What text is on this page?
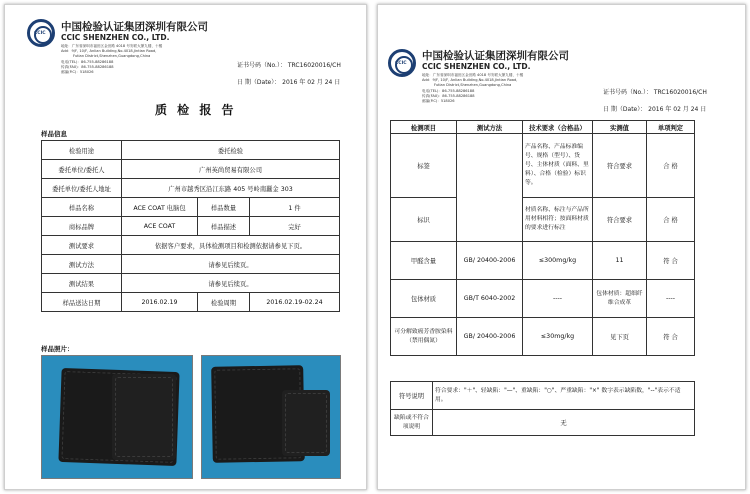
CCIC
中国检验认证集团深圳有限公司
CCIC SHENZHEN CO., LTD.
地址：广东省深圳市福田区金田路 4018 号安联大厦九楼、十楼
Add：9/F, 10/F, Anlian Building,No.4018,Jintian Road,
Futian District,Shenzhen,Guangdong,China
电话(TEL)：86-755-88286188
传真(FAX)：86-755-88286188
邮编(P.C)：518026
证书号码（No.）： TRC16020016/CH
日 期（Date）： 2016 年 02 月 24 日
质 检 报 告
样品信息
检验用途	委托检验		
委托单位/委托人	广州英尚贸易有限公司		
委托单位/委托人地址	广州市越秀区沿江东路 405 号岭南蠶金 303		
样品名称	ACE COAT 电脑包	样品数量	1 件
商标品牌	ACE COAT	样品描述	完好
测试要求	依据客户要求，具体检测项目和检测依据请参见下页。		
测试方法	请参见后续页。		
测试结果	请参见后续页。		
样品送达日期	2016.02.19	检验周期	2016.02.19-02.24
样品照片：
CCIC
中国检验认证集团深圳有限公司
CCIC SHENZHEN CO., LTD.
地址：广东省深圳市福田区金田路 4018 号安联大厦九楼、十楼
Add：9/F, 10/F, Anlian Building,No.4018,Jintian Road,
Futian District,Shenzhen,Guangdong,China
电话(TEL)：86-755-88286188
传真(FAX)：86-755-88286188
邮编(P.C)：518026
证书号码（No.）： TRC16020016/CH
日 期（Date）： 2016 年 02 月 24 日
检测项目	测试方法	技术要求（合格品）	实测值	单项判定
标签		产品名称、产品标准编号、规格（型号）、货号、主体材质（面料、里料）、合格（检验）标识等。	符合要求	合 格
标识		材质名称、标注与产品所用材料相符；按面料材质的要求进行标注	符合要求	合 格
甲醛含量	GB/ 20400-2006	≤300mg/kg	11	符 合
包体材质	GB/T 6040-2002	----	包体材质：超细纤维合成革	----
可分解致癌芳香胺染料（禁用偶氮）	GB/ 20400-2006	≤30mg/kg	见下页	符 合
符号说明	符合要求："＋"、轻缺陷："—"、重缺陷："○"、严重缺陷："×" 数字表示缺陷数，"--"表示不适用。
缺陷或不符合项说明	无
